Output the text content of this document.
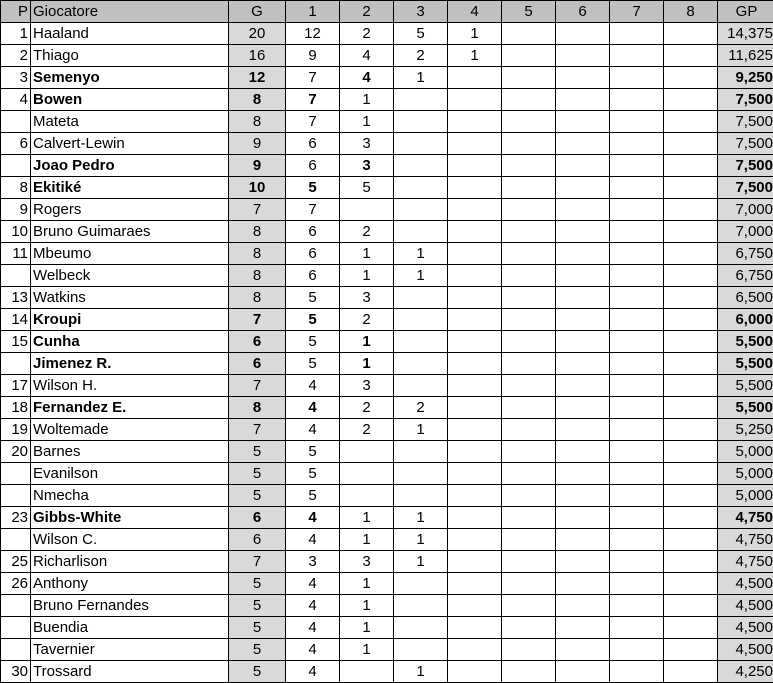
P	Giocatore	G	1	2	3	4	5	6	7	8	GP
1	Haaland	20	12	2	5	1					14,375
2	Thiago	16	9	4	2	1					11,625
3	Semenyo	12	7	4	1						9,250
4	Bowen	8	7	1							7,500
	Mateta	8	7	1							7,500
6	Calvert-Lewin	9	6	3							7,500
	Joao Pedro	9	6	3							7,500
8	Ekitiké	10	5	5							7,500
9	Rogers	7	7								7,000
10	Bruno Guimaraes	8	6	2							7,000
11	Mbeumo	8	6	1	1						6,750
	Welbeck	8	6	1	1						6,750
13	Watkins	8	5	3							6,500
14	Kroupi	7	5	2							6,000
15	Cunha	6	5	1							5,500
	Jimenez R.	6	5	1							5,500
17	Wilson H.	7	4	3							5,500
18	Fernandez E.	8	4	2	2						5,500
19	Woltemade	7	4	2	1						5,250
20	Barnes	5	5								5,000
	Evanilson	5	5								5,000
	Nmecha	5	5								5,000
23	Gibbs-White	6	4	1	1						4,750
	Wilson C.	6	4	1	1						4,750
25	Richarlison	7	3	3	1						4,750
26	Anthony	5	4	1							4,500
	Bruno Fernandes	5	4	1							4,500
	Buendia	5	4	1							4,500
	Tavernier	5	4	1							4,500
30	Trossard	5	4		1						4,250
